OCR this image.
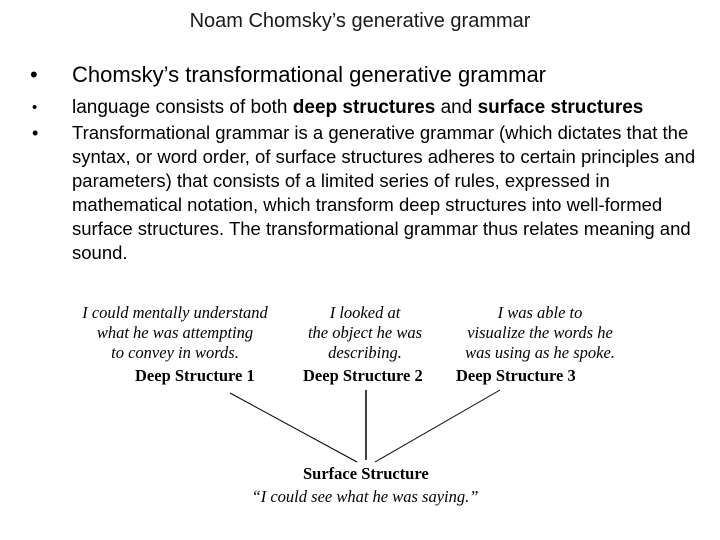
Noam Chomsky’s generative grammar

• Chomsky’s transformational generative grammar

• language consists of both deep structures and surface structures

• Transformational grammar is a generative grammar (which dictates that the syntax, or word order, of surface structures adheres to certain principles and parameters) that consists of a limited series of rules, expressed in mathematical notation, which transform deep structures into well-formed surface structures. The transformational grammar thus relates meaning and sound.

I could mentally understand
what he was attempting
to convey in words.
Deep Structure 1
I looked at
the object he was
describing.
Deep Structure 2
I was able to
visualize the words he
was using as he spoke.
Deep Structure 3
Surface Structure
“I could see what he was saying.”
